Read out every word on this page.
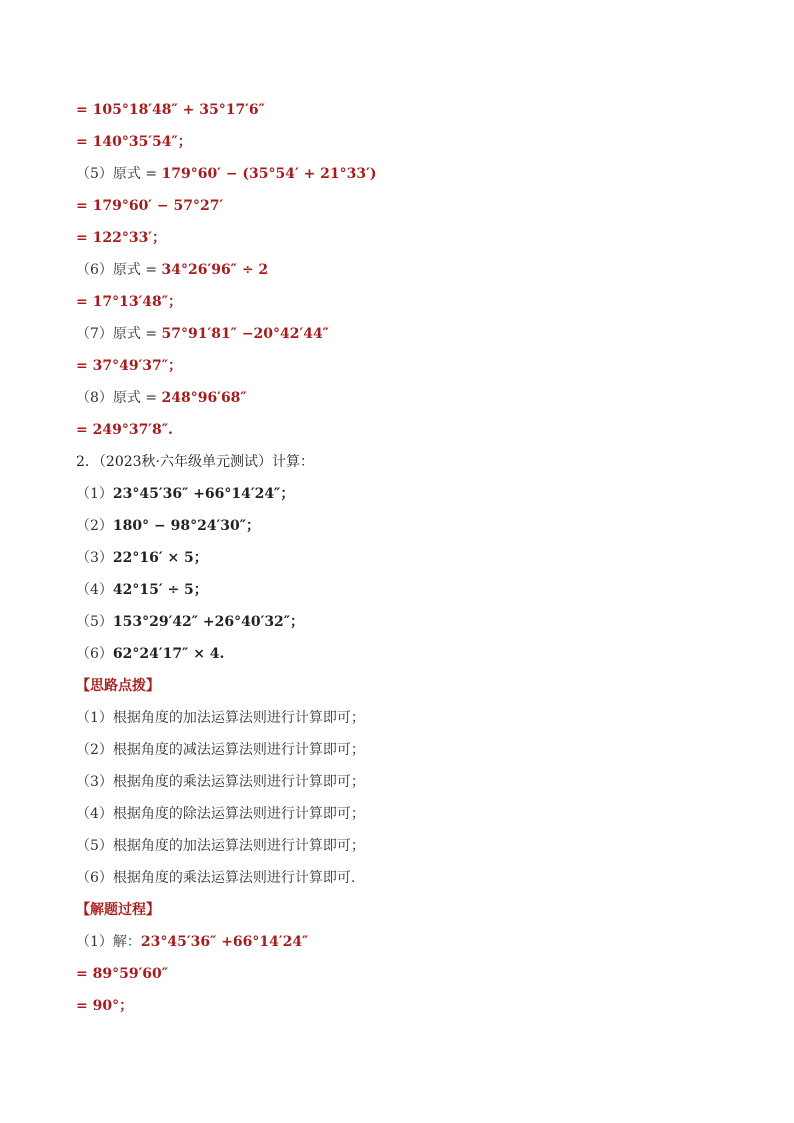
= 105°18′48″ + 35°17′6″
= 140°35′54″；
（5）原式 = 179°60′ − (35°54′ + 21°33′)
= 179°60′ − 57°27′
= 122°33′；
（6）原式 = 34°26′96″ ÷ 2
= 17°13′48″；
（7）原式 = 57°91′81″ −20°42′44″
= 37°49′37″；
（8）原式 = 248°96′68″
= 249°37′8″.
2．（2023秋·六年级单元测试）计算：
（1）23°45′36″ +66°14′24″；
（2）180° − 98°24′30″；
（3）22°16′ × 5；
（4）42°15′ ÷ 5；
（5）153°29′42″ +26°40′32″；
（6）62°24′17″ × 4.
【思路点拨】
（1）根据角度的加法运算法则进行计算即可；
（2）根据角度的减法运算法则进行计算即可；
（3）根据角度的乘法运算法则进行计算即可；
（4）根据角度的除法运算法则进行计算即可；
（5）根据角度的加法运算法则进行计算即可；
（6）根据角度的乘法运算法则进行计算即可.
【解题过程】
（1）解：23°45′36″ +66°14′24″
= 89°59′60″
= 90°；
